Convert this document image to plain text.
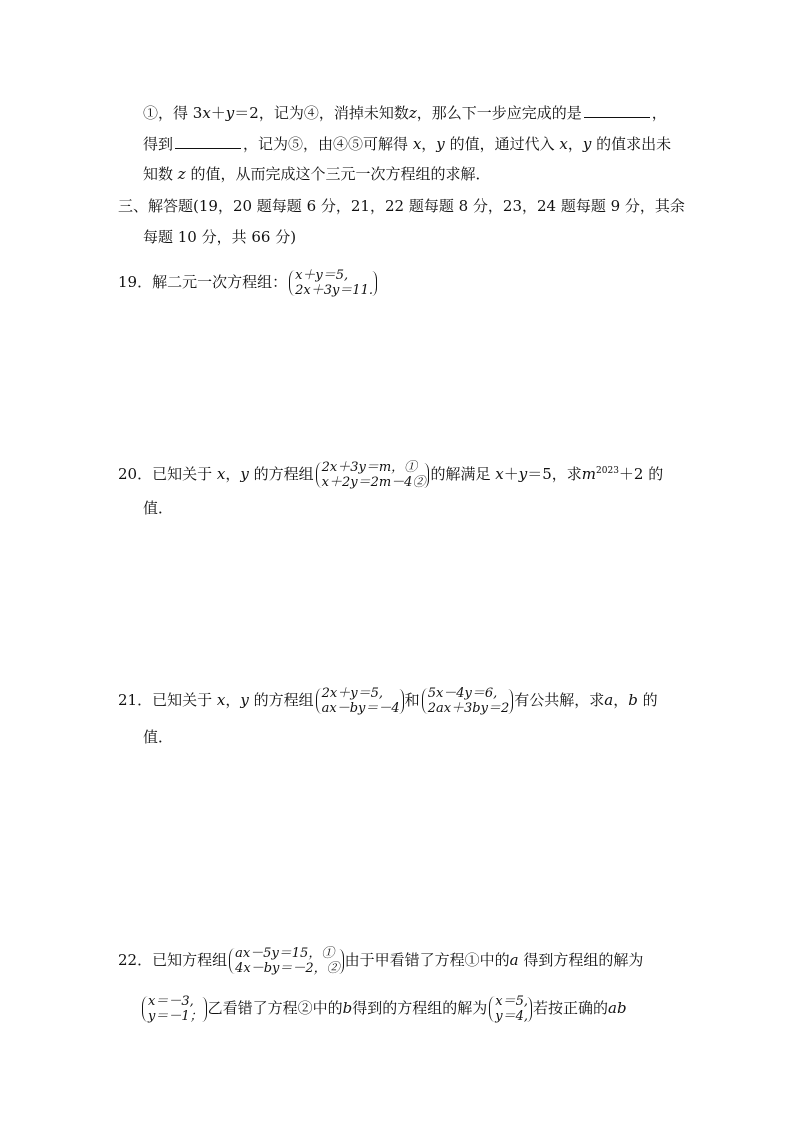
①，得 3x＋y＝2，记为④，消掉未知数z，那么下一步应完成的是	，
得到	，记为⑤，由④⑤可解得 x，y 的值，通过代入 x，y 的值求出未
知数 z 的值，从而完成这个三元一次方程组的求解．
三、解答题(19，20 题每题 6 分，21，22 题每题 8 分，23，24 题每题 9 分，其余
每题 10 分，共 66 分)
19．解二元一次方程组： x＋y＝5,
2x＋3y＝11.
20．已知关于 x，y 的方程组 2x＋3y＝m，①
x＋2y＝2m－4② 的解满足 x＋y＝5，求$m^{2023}+2$ 的
值．
21．已知关于 x，y 的方程组 2x＋y＝5,
ax－by＝－4 和 5x－4y＝6,
2ax＋3by＝2 有公共解，求a，b 的
值．
22．已知方程组 ax－5y＝15，①
4x－by＝－2，② 由于甲看错了方程①中的a 得到方程组的解为
x＝－3,
y＝－1； 乙看错了方程②中的b得到的方程组的解为 x＝5,
y＝4, 若按正确的ab
